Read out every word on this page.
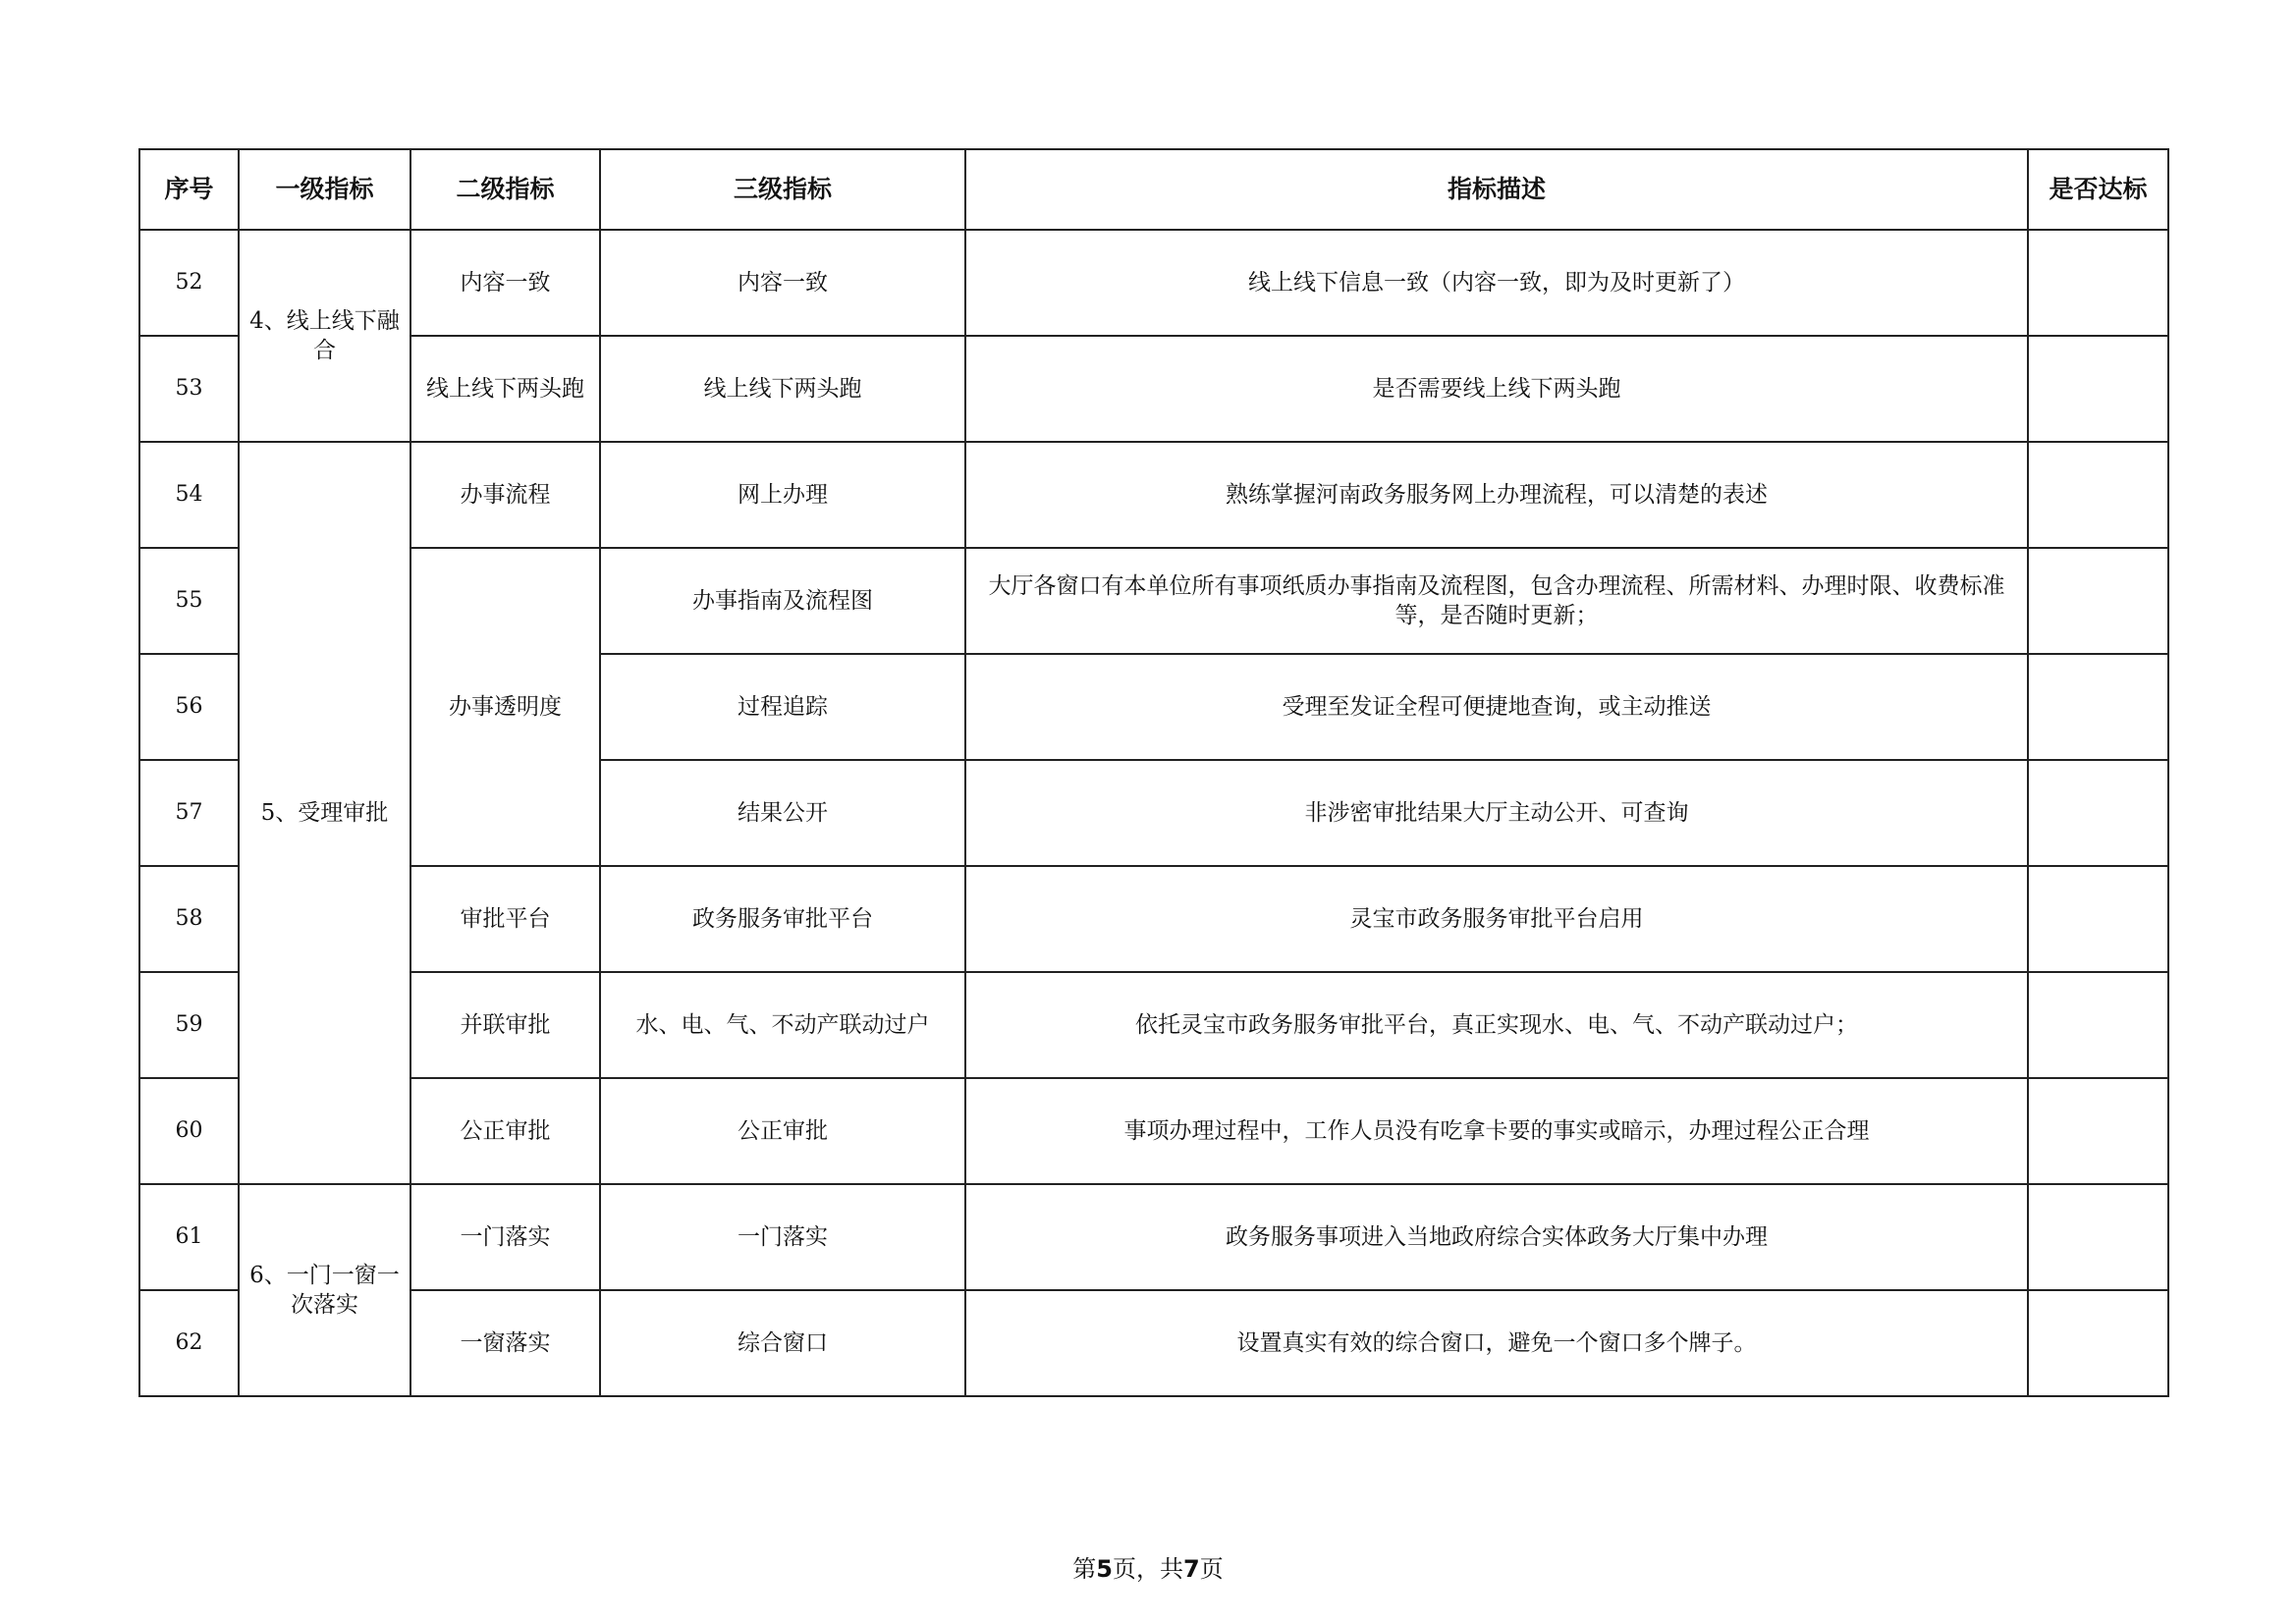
序号	一级指标	二级指标	三级指标	指标描述	是否达标
52	4、线上线下融合	内容一致	内容一致	线上线下信息一致（内容一致，即为及时更新了）	
53		线上线下两头跑	线上线下两头跑	是否需要线上线下两头跑	
54	5、受理审批	办事流程	网上办理	熟练掌握河南政务服务网上办理流程，可以清楚的表述	
55		办事透明度	办事指南及流程图	大厅各窗口有本单位所有事项纸质办事指南及流程图，包含办理流程、所需材料、办理时限、收费标准等，是否随时更新；	
56			过程追踪	受理至发证全程可便捷地查询，或主动推送	
57			结果公开	非涉密审批结果大厅主动公开、可查询	
58		审批平台	政务服务审批平台	灵宝市政务服务审批平台启用	
59		并联审批	水、电、气、不动产联动过户	依托灵宝市政务服务审批平台，真正实现水、电、气、不动产联动过户；	
60		公正审批	公正审批	事项办理过程中，工作人员没有吃拿卡要的事实或暗示，办理过程公正合理	
61	6、一门一窗一次落实	一门落实	一门落实	政务服务事项进入当地政府综合实体政务大厅集中办理	
62		一窗落实	综合窗口	设置真实有效的综合窗口，避免一个窗口多个牌子。	
第5页，共7页
